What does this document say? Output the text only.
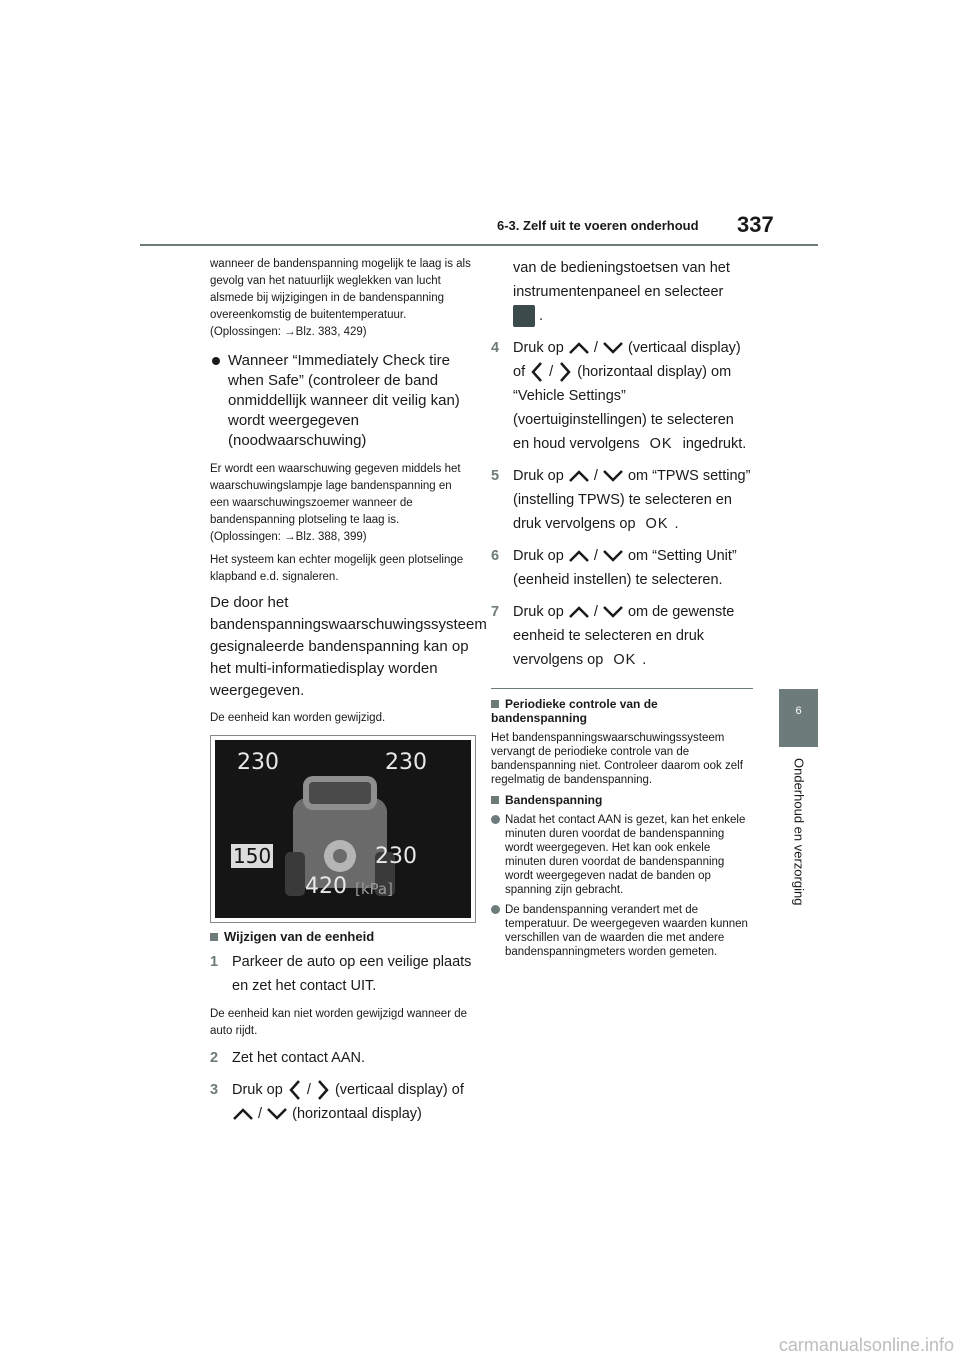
6-3. Zelf uit te voeren onderhoud 337
6
Onderhoud en verzorging

wanneer de bandenspanning mogelijk te laag is als gevolg van het natuurlijk weglekken van lucht alsmede bij wijzigingen in de bandenspanning overeenkomstig de buitentemperatuur. (Oplossingen: →Blz. 383, 429)

Wanneer “Immediately Check tire when Safe” (controleer de band onmiddellijk wanneer dit veilig kan) wordt weergegeven (noodwaarschuwing)

Er wordt een waarschuwing gegeven middels het waarschuwingslampje lage bandenspanning en een waarschuwingszoemer wanneer de bandenspanning plotseling te laag is. (Oplossingen: →Blz. 388, 399)

Het systeem kan echter mogelijk geen plotselinge klapband e.d. signaleren.

De door het bandenspanningswaarschuwingssysteem gesignaleerde bandenspanning kan op het multi-informatiedisplay worden weergegeven.

De eenheid kan worden gewijzigd.

230	230
150	230
420 [kPa]
Wijzigen van de eenheid
1 Parkeer de auto op een veilige plaats en zet het contact UIT.

De eenheid kan niet worden gewijzigd wanneer de auto rijdt.

2 Zet het contact AAN.
3 Druk op / (verticaal display) of  / (horizontaal display)
van de bedieningstoetsen van het instrumentenpaneel en selecteer
.
4 Druk op / (verticaal display) of / (horizontaal display) om “Vehicle Settings” (voertuiginstellingen) te selecteren en houd vervolgens OK ingedrukt.
5 Druk op / om “TPWS setting” (instelling TPWS) te selecteren en druk vervolgens op OK .
6 Druk op / om “Setting Unit” (eenheid instellen) te selecteren.
7 Druk op / om de gewenste eenheid te selecteren en druk vervolgens op OK .
Periodieke controle van de bandenspanning

Het bandenspanningswaarschuwingssysteem vervangt de periodieke controle van de bandenspanning niet. Controleer daarom ook zelf regelmatig de bandenspanning.

Bandenspanning
Nadat het contact AAN is gezet, kan het enkele minuten duren voordat de bandenspanning wordt weergegeven. Het kan ook enkele minuten duren voordat de bandenspanning wordt weergegeven nadat de banden op spanning zijn gebracht.
De bandenspanning verandert met de temperatuur. De weergegeven waarden kunnen verschillen van de waarden die met andere bandenspanningmeters worden gemeten.
carmanualsonline.info
